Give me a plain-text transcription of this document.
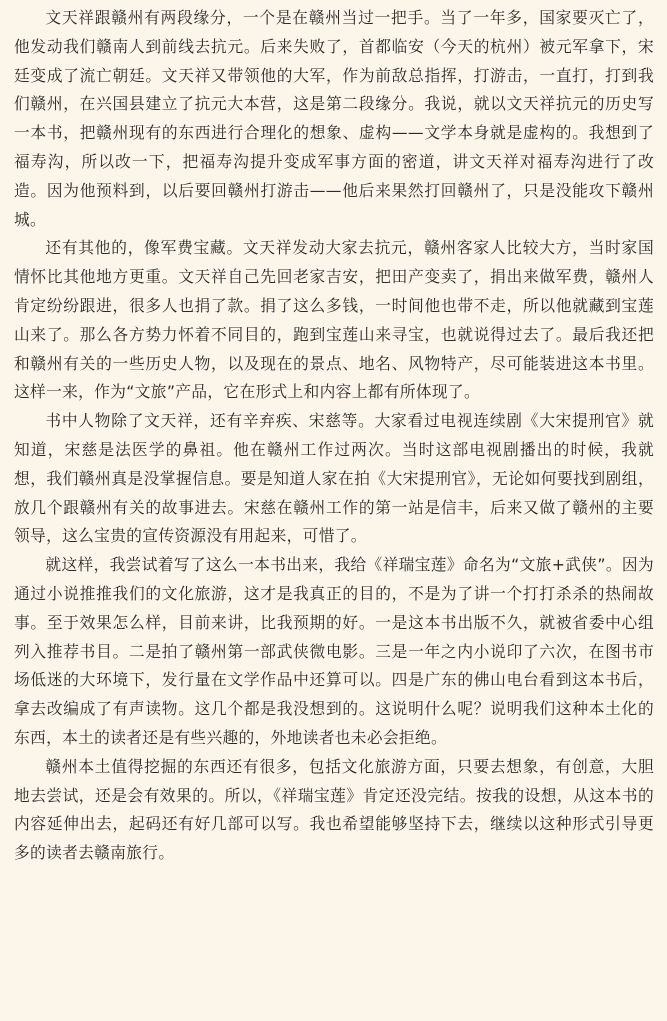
文天祥跟赣州有两段缘分，一个是在赣州当过一把手。当了一年多，国家要灭亡了，他发动我们赣南人到前线去抗元。后来失败了，首都临安（今天的杭州）被元军拿下，宋廷变成了流亡朝廷。文天祥又带领他的大军，作为前敌总指挥，打游击，一直打，打到我们赣州，在兴国县建立了抗元大本营，这是第二段缘分。我说，就以文天祥抗元的历史写一本书，把赣州现有的东西进行合理化的想象、虚构——文学本身就是虚构的。我想到了福寿沟，所以改一下，把福寿沟提升变成军事方面的密道，讲文天祥对福寿沟进行了改造。因为他预料到，以后要回赣州打游击——他后来果然打回赣州了，只是没能攻下赣州城。

还有其他的，像军费宝藏。文天祥发动大家去抗元，赣州客家人比较大方，当时家国情怀比其他地方更重。文天祥自己先回老家吉安，把田产变卖了，捐出来做军费，赣州人肯定纷纷跟进，很多人也捐了款。捐了这么多钱，一时间他也带不走，所以他就藏到宝莲山来了。那么各方势力怀着不同目的，跑到宝莲山来寻宝，也就说得过去了。最后我还把和赣州有关的一些历史人物，以及现在的景点、地名、风物特产，尽可能装进这本书里。这样一来，作为“文旅”产品，它在形式上和内容上都有所体现了。

书中人物除了文天祥，还有辛弃疾、宋慈等。大家看过电视连续剧《大宋提刑官》就知道，宋慈是法医学的鼻祖。他在赣州工作过两次。当时这部电视剧播出的时候，我就想，我们赣州真是没掌握信息。要是知道人家在拍《大宋提刑官》，无论如何要找到剧组，放几个跟赣州有关的故事进去。宋慈在赣州工作的第一站是信丰，后来又做了赣州的主要领导，这么宝贵的宣传资源没有用起来，可惜了。

就这样，我尝试着写了这么一本书出来，我给《祥瑞宝莲》命名为“文旅+武侠”。因为通过小说推推我们的文化旅游，这才是我真正的目的，不是为了讲一个打打杀杀的热闹故事。至于效果怎么样，目前来讲，比我预期的好。一是这本书出版不久，就被省委中心组列入推荐书目。二是拍了赣州第一部武侠微电影。三是一年之内小说印了六次，在图书市场低迷的大环境下，发行量在文学作品中还算可以。四是广东的佛山电台看到这本书后，拿去改编成了有声读物。这几个都是我没想到的。这说明什么呢？说明我们这种本土化的东西，本土的读者还是有些兴趣的，外地读者也未必会拒绝。

赣州本土值得挖掘的东西还有很多，包括文化旅游方面，只要去想象，有创意，大胆地去尝试，还是会有效果的。所以，《祥瑞宝莲》肯定还没完结。按我的设想，从这本书的内容延伸出去，起码还有好几部可以写。我也希望能够坚持下去，继续以这种形式引导更多的读者去赣南旅行。
